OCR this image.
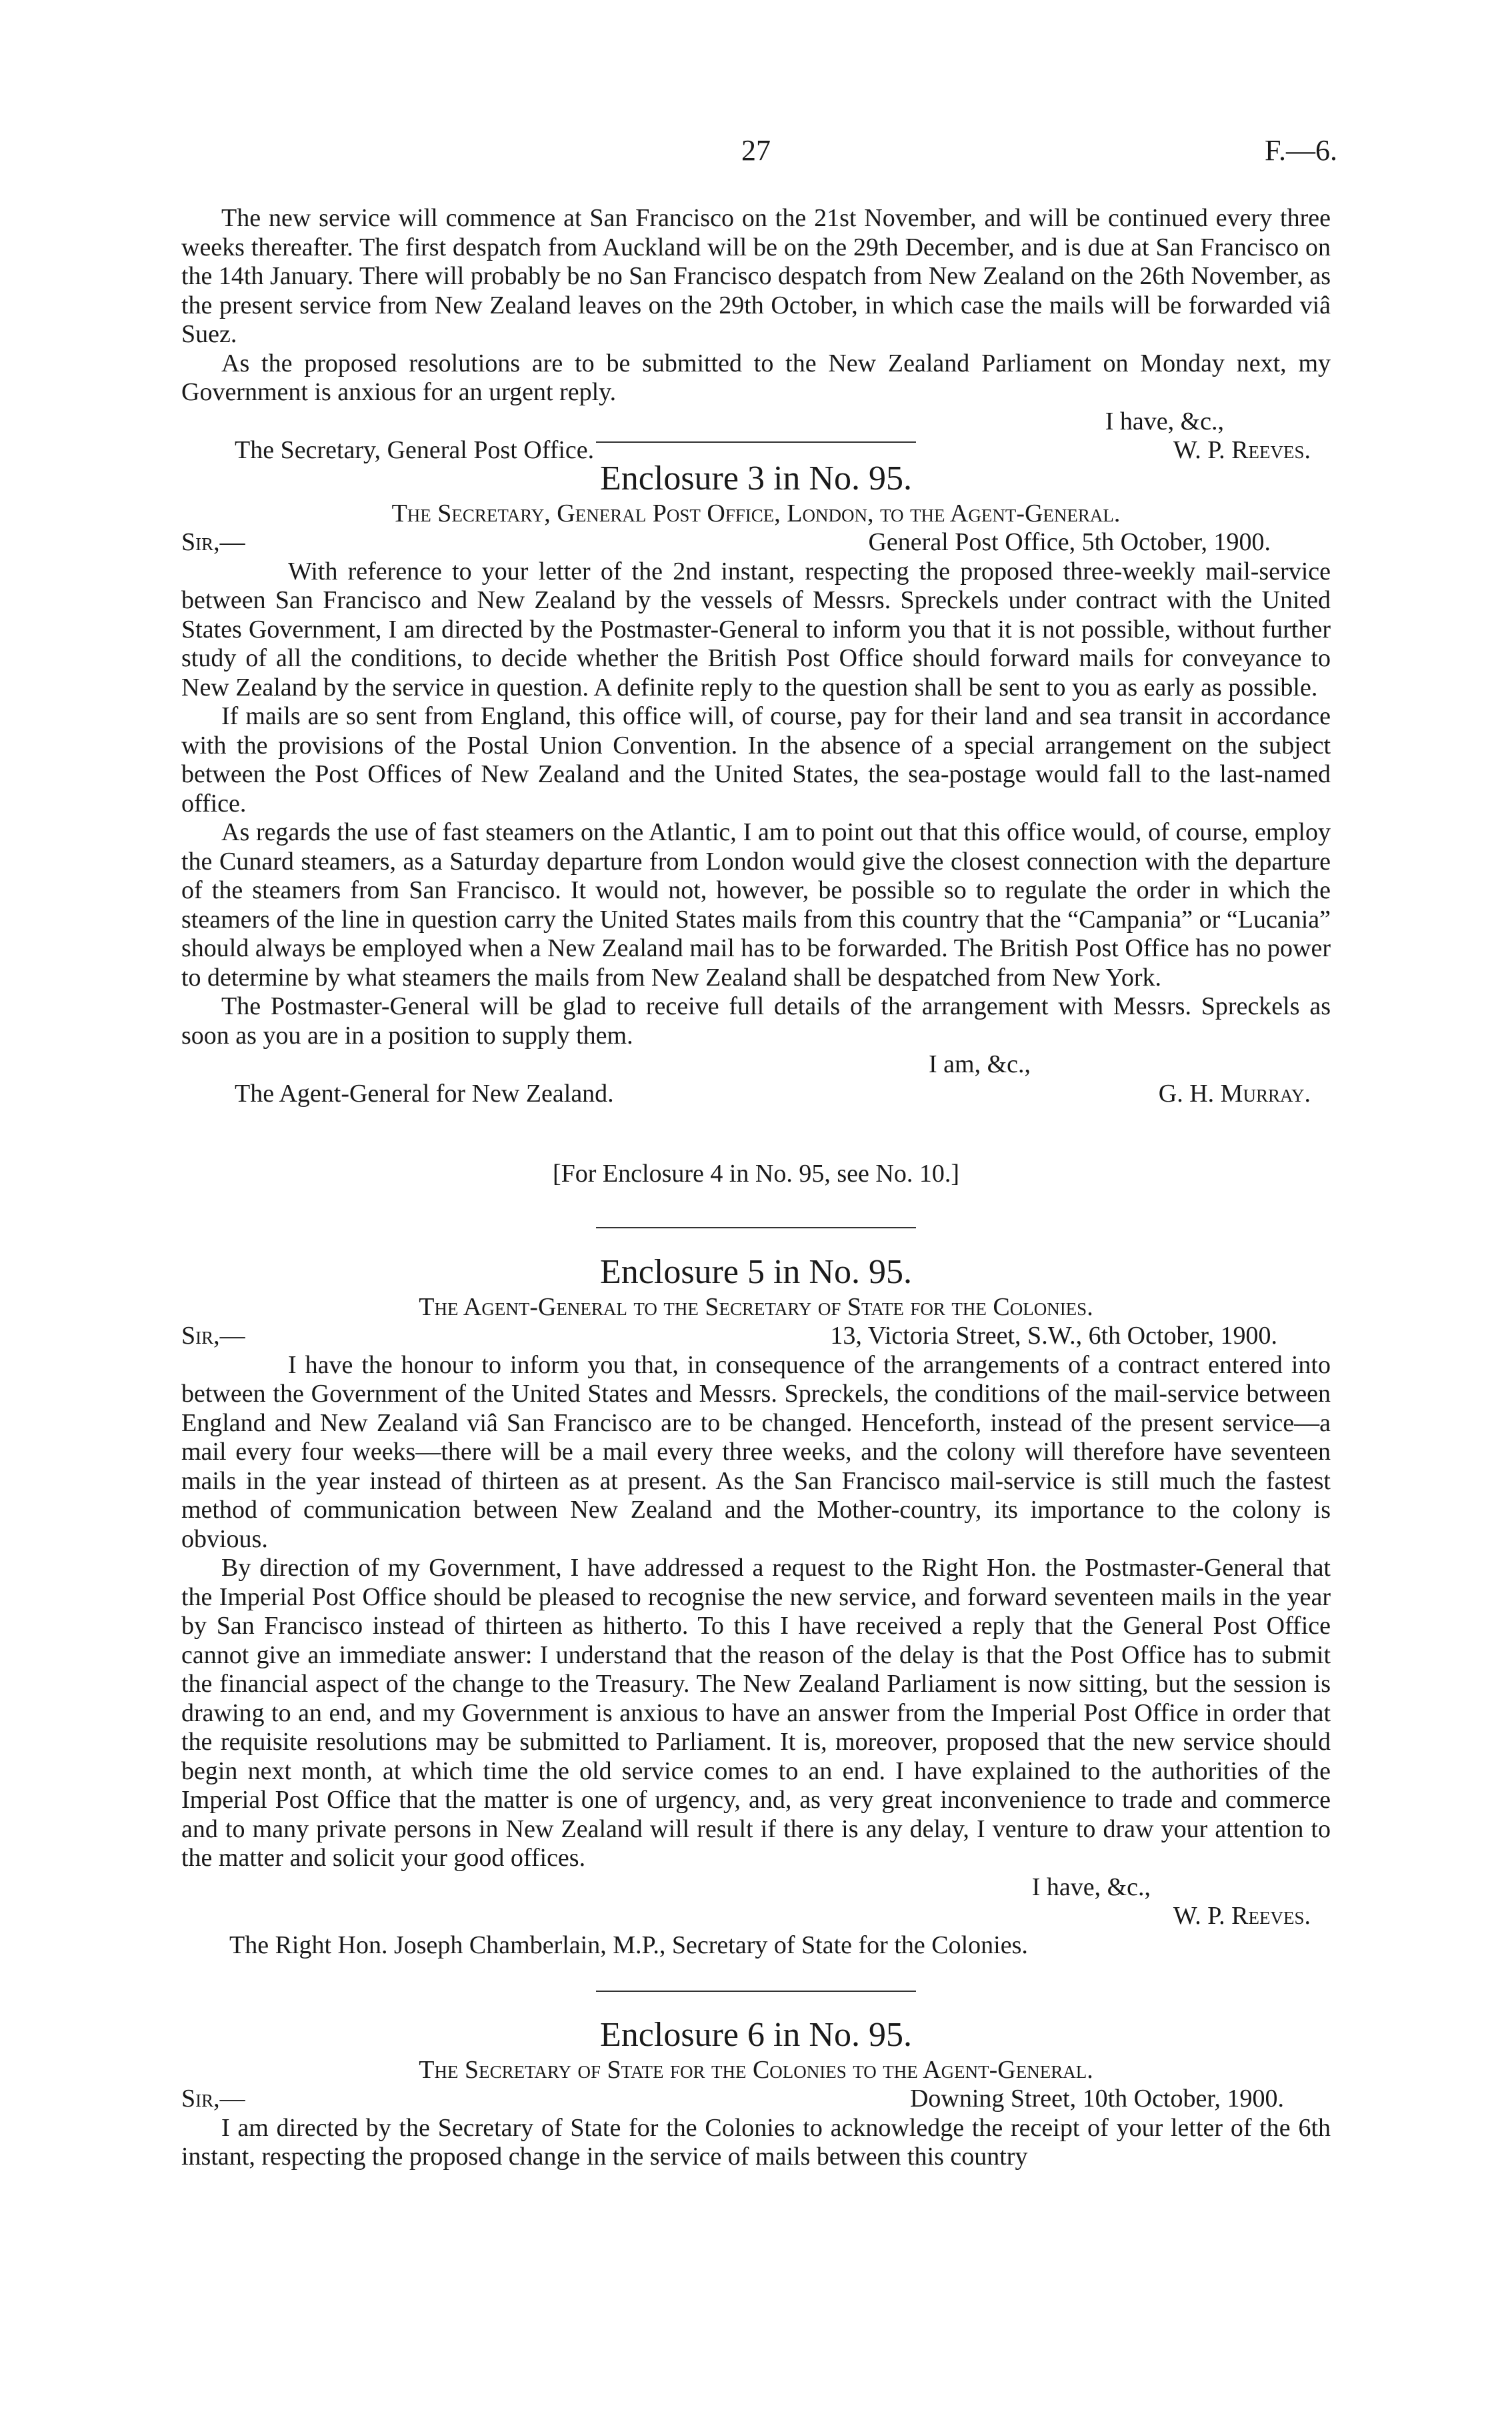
27	F.—6.

The new service will commence at San Francisco on the 21st November, and will be continued every three weeks thereafter. The first despatch from Auckland will be on the 29th December, and is due at San Francisco on the 14th January. There will probably be no San Francisco despatch from New Zealand on the 26th November, as the present service from New Zealand leaves on the 29th October, in which case the mails will be forwarded viâ Suez.

As the proposed resolutions are to be submitted to the New Zealand Parliament on Monday next, my Government is anxious for an urgent reply.

I have, &c.,
The Secretary, General Post Office.	W. P. Reeves.

Enclosure 3 in No. 95.

The Secretary, General Post Office, London, to the Agent-General.

Sir,—	General Post Office, 5th October, 1900.

With reference to your letter of the 2nd instant, respecting the proposed three-weekly mail-service between San Francisco and New Zealand by the vessels of Messrs. Spreckels under contract with the United States Government, I am directed by the Postmaster-General to inform you that it is not possible, without further study of all the conditions, to decide whether the British Post Office should forward mails for conveyance to New Zealand by the service in question. A definite reply to the question shall be sent to you as early as possible.

If mails are so sent from England, this office will, of course, pay for their land and sea transit in accordance with the provisions of the Postal Union Convention. In the absence of a special arrangement on the subject between the Post Offices of New Zealand and the United States, the sea-postage would fall to the last-named office.

As regards the use of fast steamers on the Atlantic, I am to point out that this office would, of course, employ the Cunard steamers, as a Saturday departure from London would give the closest connection with the departure of the steamers from San Francisco. It would not, however, be possible so to regulate the order in which the steamers of the line in question carry the United States mails from this country that the “Campania” or “Lucania” should always be employed when a New Zealand mail has to be forwarded. The British Post Office has no power to determine by what steamers the mails from New Zealand shall be despatched from New York.

The Postmaster-General will be glad to receive full details of the arrangement with Messrs. Spreckels as soon as you are in a position to supply them.

I am, &c.,
The Agent-General for New Zealand.	G. H. Murray.
[For Enclosure 4 in No. 95, see No. 10.]

Enclosure 5 in No. 95.

The Agent-General to the Secretary of State for the Colonies.

Sir,—	13, Victoria Street, S.W., 6th October, 1900.

I have the honour to inform you that, in consequence of the arrangements of a contract entered into between the Government of the United States and Messrs. Spreckels, the conditions of the mail-service between England and New Zealand viâ San Francisco are to be changed. Henceforth, instead of the present service—a mail every four weeks—there will be a mail every three weeks, and the colony will therefore have seventeen mails in the year instead of thirteen as at present. As the San Francisco mail-service is still much the fastest method of communication between New Zealand and the Mother-country, its importance to the colony is obvious.

By direction of my Government, I have addressed a request to the Right Hon. the Postmaster-General that the Imperial Post Office should be pleased to recognise the new service, and forward seventeen mails in the year by San Francisco instead of thirteen as hitherto. To this I have received a reply that the General Post Office cannot give an immediate answer: I understand that the reason of the delay is that the Post Office has to submit the financial aspect of the change to the Treasury. The New Zealand Parliament is now sitting, but the session is drawing to an end, and my Government is anxious to have an answer from the Imperial Post Office in order that the requisite resolutions may be submitted to Parliament. It is, moreover, proposed that the new service should begin next month, at which time the old service comes to an end. I have explained to the authorities of the Imperial Post Office that the matter is one of urgency, and, as very great inconvenience to trade and commerce and to many private persons in New Zealand will result if there is any delay, I venture to draw your attention to the matter and solicit your good offices.

I have, &c.,
W. P. Reeves.
The Right Hon. Joseph Chamberlain, M.P., Secretary of State for the Colonies.

Enclosure 6 in No. 95.

The Secretary of State for the Colonies to the Agent-General.

Sir,—	Downing Street, 10th October, 1900.

I am directed by the Secretary of State for the Colonies to acknowledge the receipt of your letter of the 6th instant, respecting the proposed change in the service of mails between this country
